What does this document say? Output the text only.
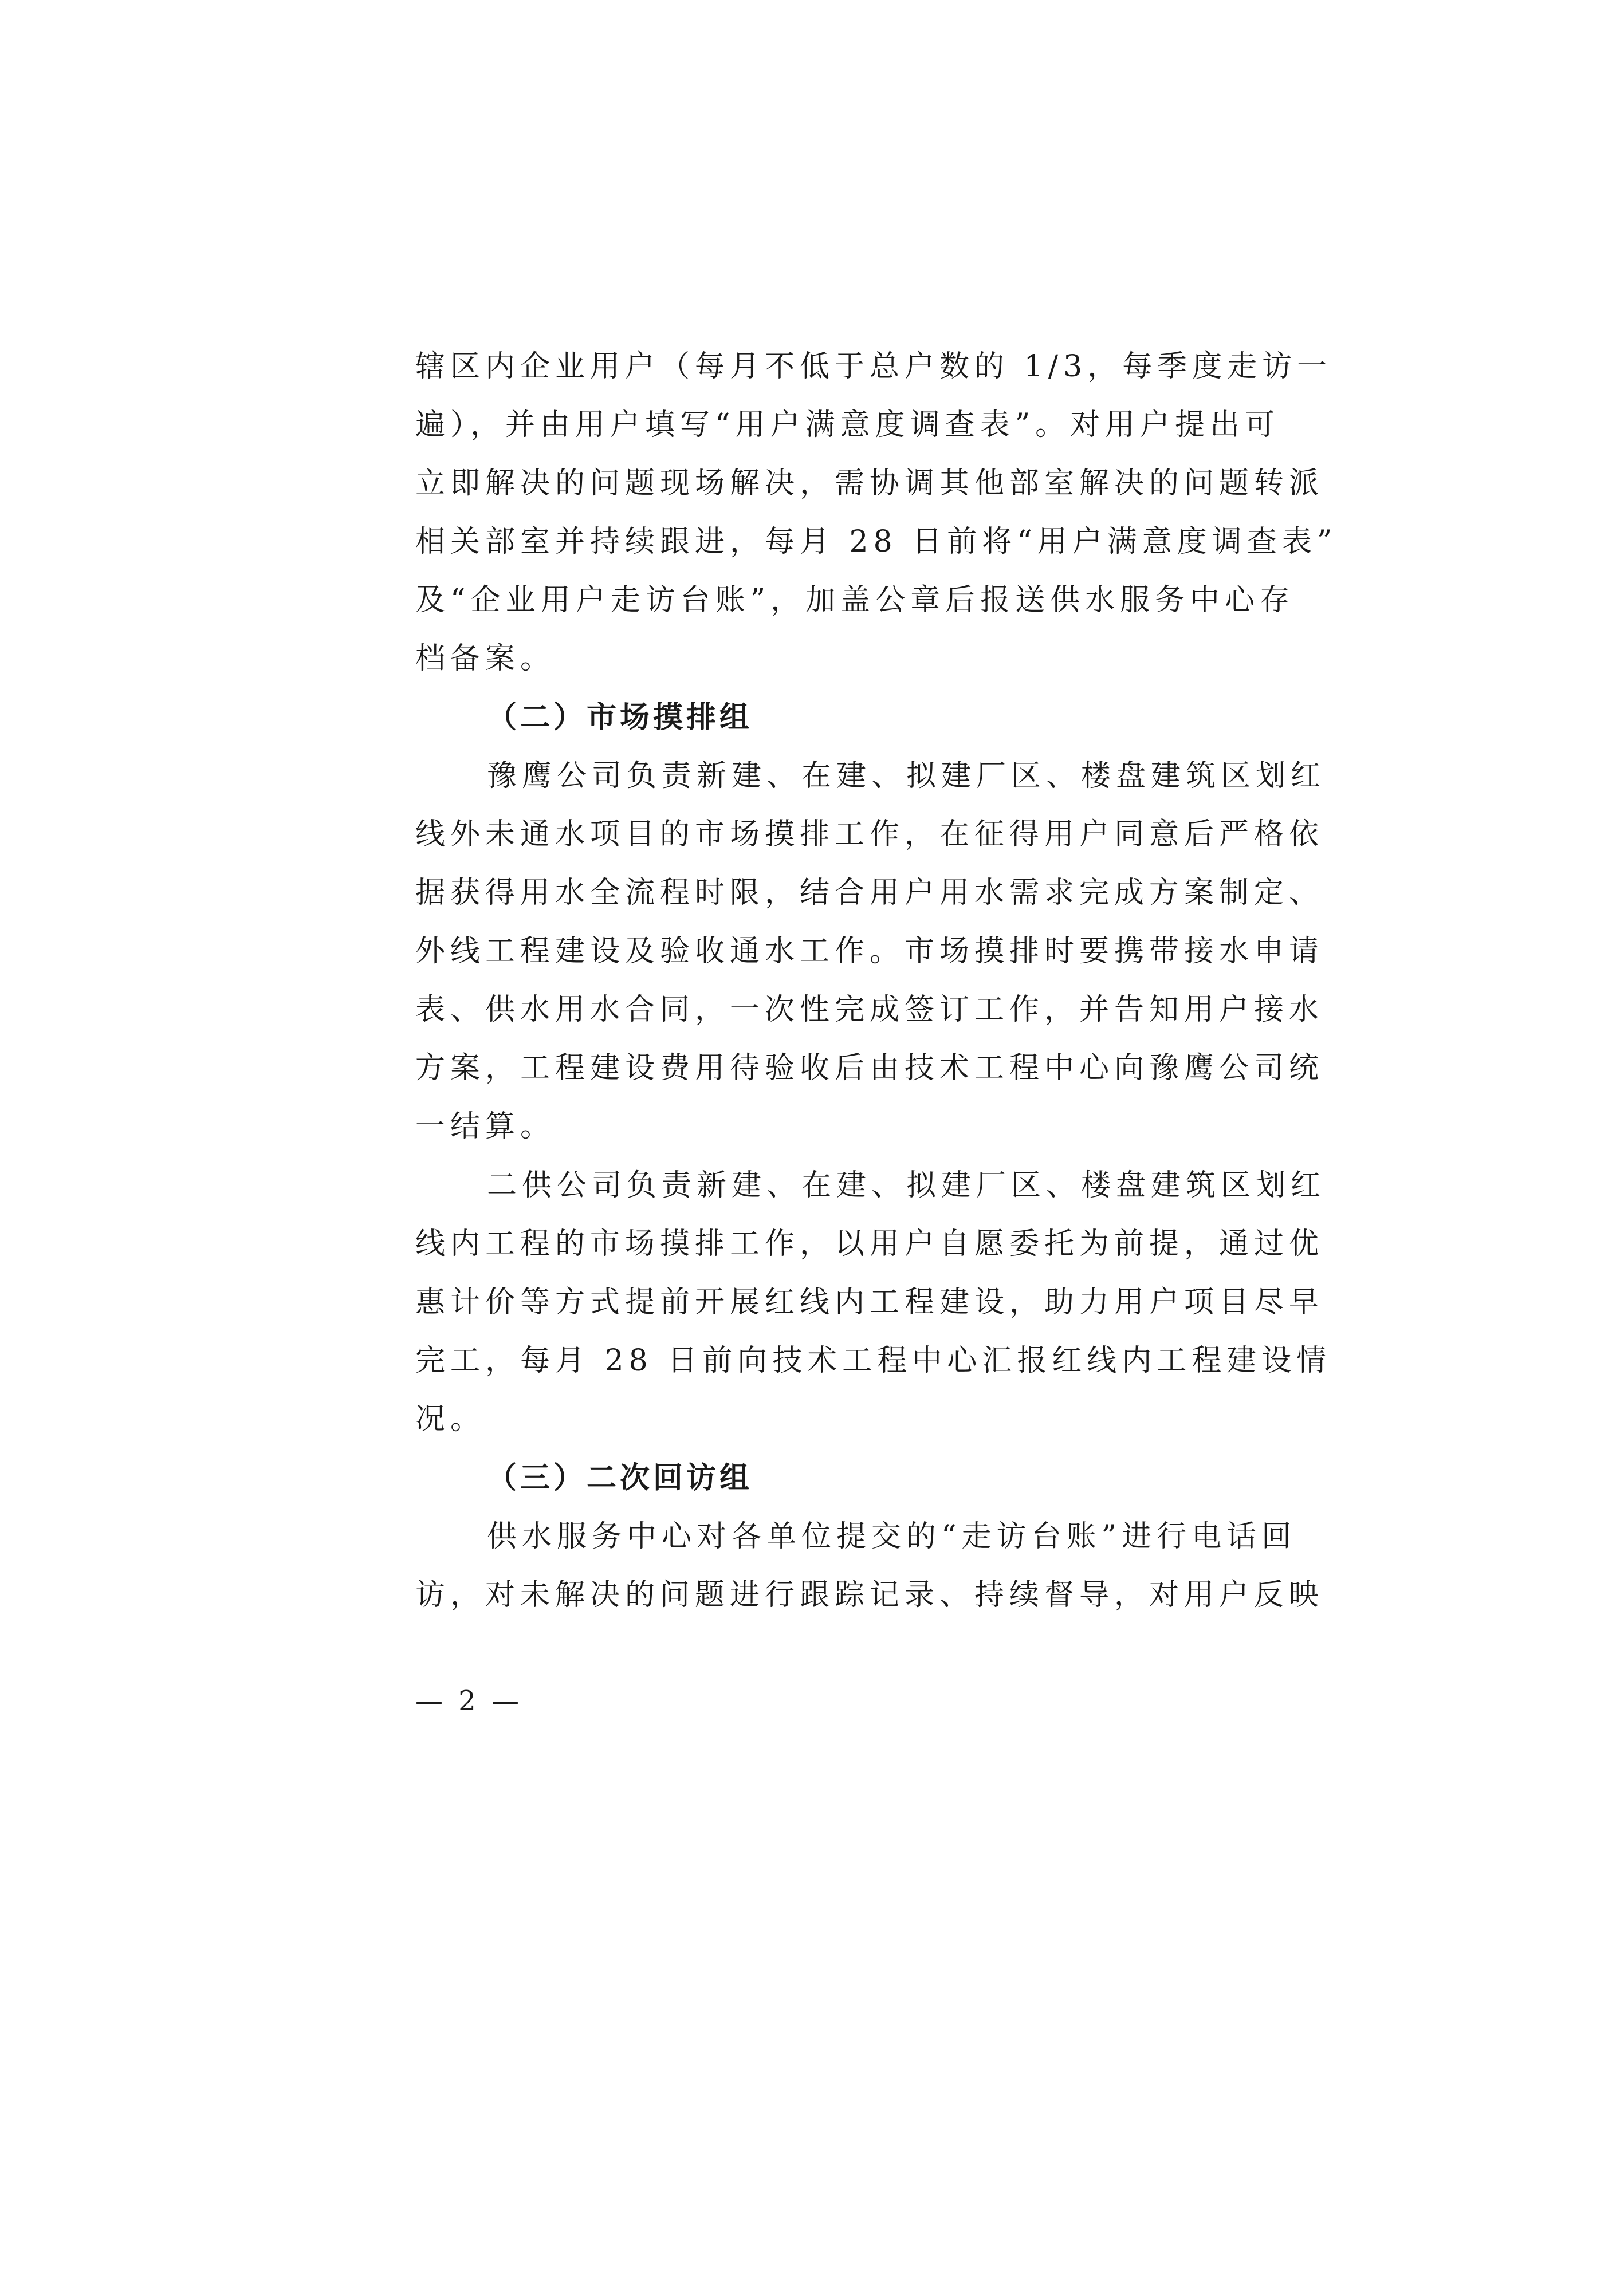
辖区内企业用户（每月不低于总户数的 1/3，每季度走访一
遍），并由用户填写“用户满意度调查表”。对用户提出可
立即解决的问题现场解决，需协调其他部室解决的问题转派
相关部室并持续跟进，每月 28 日前将“用户满意度调查表”
及“企业用户走访台账”，加盖公章后报送供水服务中心存
档备案。
（二）市场摸排组
豫鹰公司负责新建、在建、拟建厂区、楼盘建筑区划红
线外未通水项目的市场摸排工作，在征得用户同意后严格依
据获得用水全流程时限，结合用户用水需求完成方案制定、
外线工程建设及验收通水工作。市场摸排时要携带接水申请
表、供水用水合同，一次性完成签订工作，并告知用户接水
方案，工程建设费用待验收后由技术工程中心向豫鹰公司统
一结算。
二供公司负责新建、在建、拟建厂区、楼盘建筑区划红
线内工程的市场摸排工作，以用户自愿委托为前提，通过优
惠计价等方式提前开展红线内工程建设，助力用户项目尽早
完工，每月 28 日前向技术工程中心汇报红线内工程建设情
况。
（三）二次回访组
供水服务中心对各单位提交的“走访台账”进行电话回
访，对未解决的问题进行跟踪记录、持续督导，对用户反映
— 2 —
